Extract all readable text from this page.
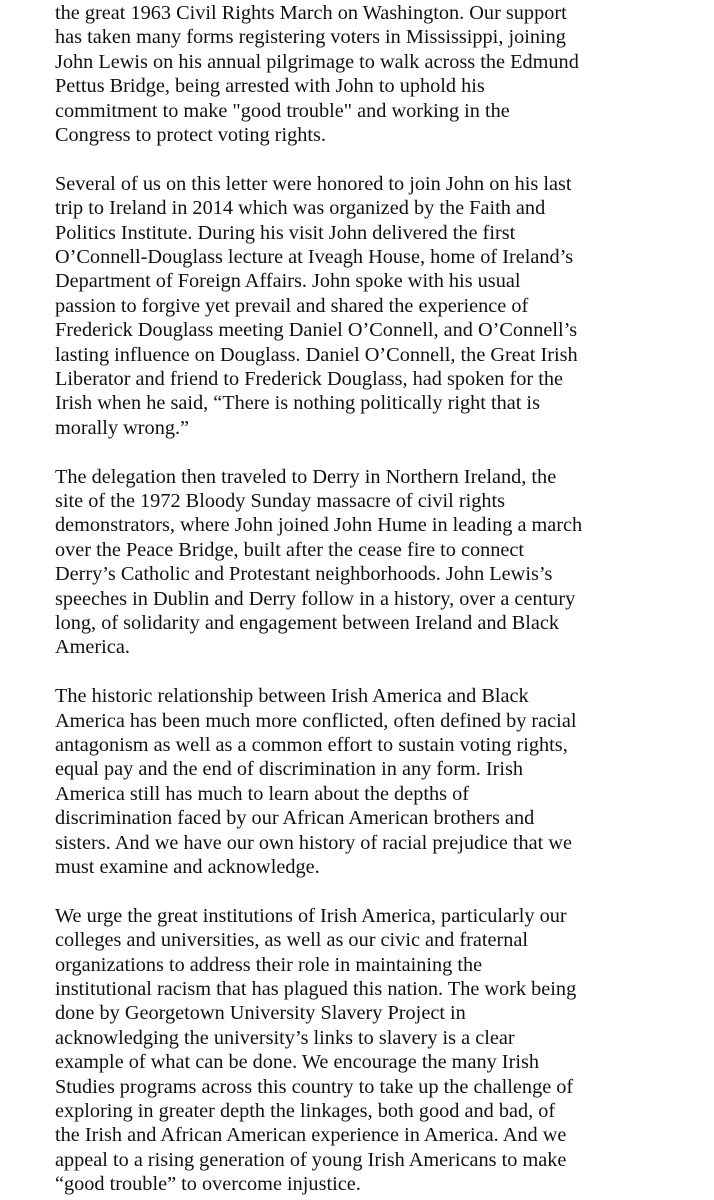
the great 1963 Civil Rights March on Washington. Our support
has taken many forms registering voters in Mississippi, joining
John Lewis on his annual pilgrimage to walk across the Edmund
Pettus Bridge, being arrested with John to uphold his
commitment to make "good trouble" and working in the
Congress to protect voting rights.
Several of us on this letter were honored to join John on his last
trip to Ireland in 2014 which was organized by the Faith and
Politics Institute. During his visit John delivered the first
O’Connell-Douglass lecture at Iveagh House, home of Ireland’s
Department of Foreign Affairs. John spoke with his usual
passion to forgive yet prevail and shared the experience of
Frederick Douglass meeting Daniel O’Connell, and O’Connell’s
lasting influence on Douglass. Daniel O’Connell, the Great Irish
Liberator and friend to Frederick Douglass, had spoken for the
Irish when he said, “There is nothing politically right that is
morally wrong.”
The delegation then traveled to Derry in Northern Ireland, the
site of the 1972 Bloody Sunday massacre of civil rights
demonstrators, where John joined John Hume in leading a march
over the Peace Bridge, built after the cease fire to connect
Derry’s Catholic and Protestant neighborhoods. John Lewis’s
speeches in Dublin and Derry follow in a history, over a century
long, of solidarity and engagement between Ireland and Black
America.
The historic relationship between Irish America and Black
America has been much more conflicted, often defined by racial
antagonism as well as a common effort to sustain voting rights,
equal pay and the end of discrimination in any form. Irish
America still has much to learn about the depths of
discrimination faced by our African American brothers and
sisters. And we have our own history of racial prejudice that we
must examine and acknowledge.
We urge the great institutions of Irish America, particularly our
colleges and universities, as well as our civic and fraternal
organizations to address their role in maintaining the
institutional racism that has plagued this nation. The work being
done by Georgetown University Slavery Project in
acknowledging the university’s links to slavery is a clear
example of what can be done. We encourage the many Irish
Studies programs across this country to take up the challenge of
exploring in greater depth the linkages, both good and bad, of
the Irish and African American experience in America. And we
appeal to a rising generation of young Irish Americans to make
“good trouble” to overcome injustice.
